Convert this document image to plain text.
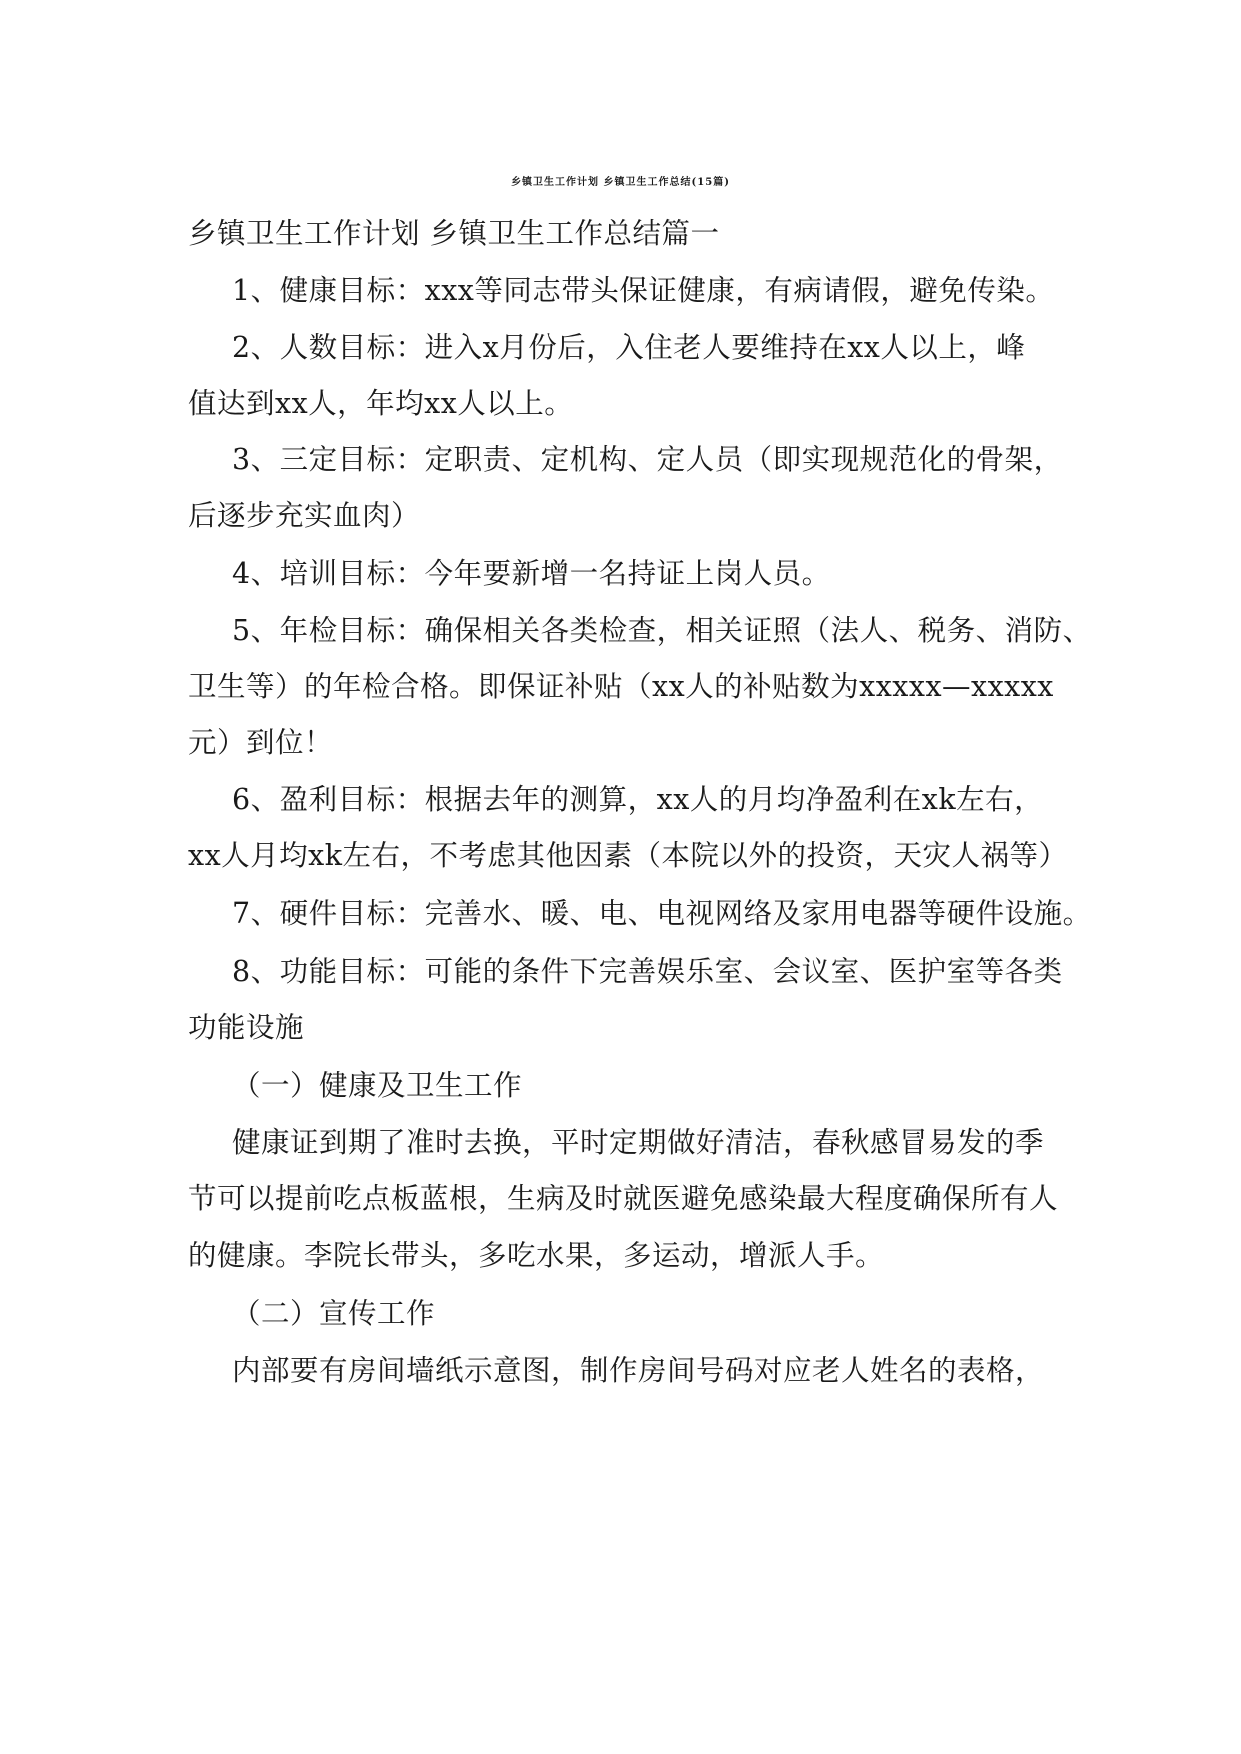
乡镇卫生工作计划 乡镇卫生工作总结(15篇)
乡镇卫生工作计划 乡镇卫生工作总结篇一
1、健康目标：xxx等同志带头保证健康，有病请假，避免传染。
2、人数目标：进入x月份后，入住老人要维持在xx人以上，峰
值达到xx人，年均xx人以上。
3、三定目标：定职责、定机构、定人员（即实现规范化的骨架，
后逐步充实血肉）
4、培训目标：今年要新增一名持证上岗人员。
5、年检目标：确保相关各类检查，相关证照（法人、税务、消防、
卫生等）的年检合格。即保证补贴（xx人的补贴数为xxxxx—xxxxx
元）到位！
6、盈利目标：根据去年的测算，xx人的月均净盈利在xk左右，
xx人月均xk左右，不考虑其他因素（本院以外的投资，天灾人祸等）
7、硬件目标：完善水、暖、电、电视网络及家用电器等硬件设施。
8、功能目标：可能的条件下完善娱乐室、会议室、医护室等各类
功能设施
（一）健康及卫生工作
健康证到期了准时去换，平时定期做好清洁，春秋感冒易发的季
节可以提前吃点板蓝根，生病及时就医避免感染最大程度确保所有人
的健康。李院长带头，多吃水果，多运动，增派人手。
（二）宣传工作
内部要有房间墙纸示意图，制作房间号码对应老人姓名的表格，
